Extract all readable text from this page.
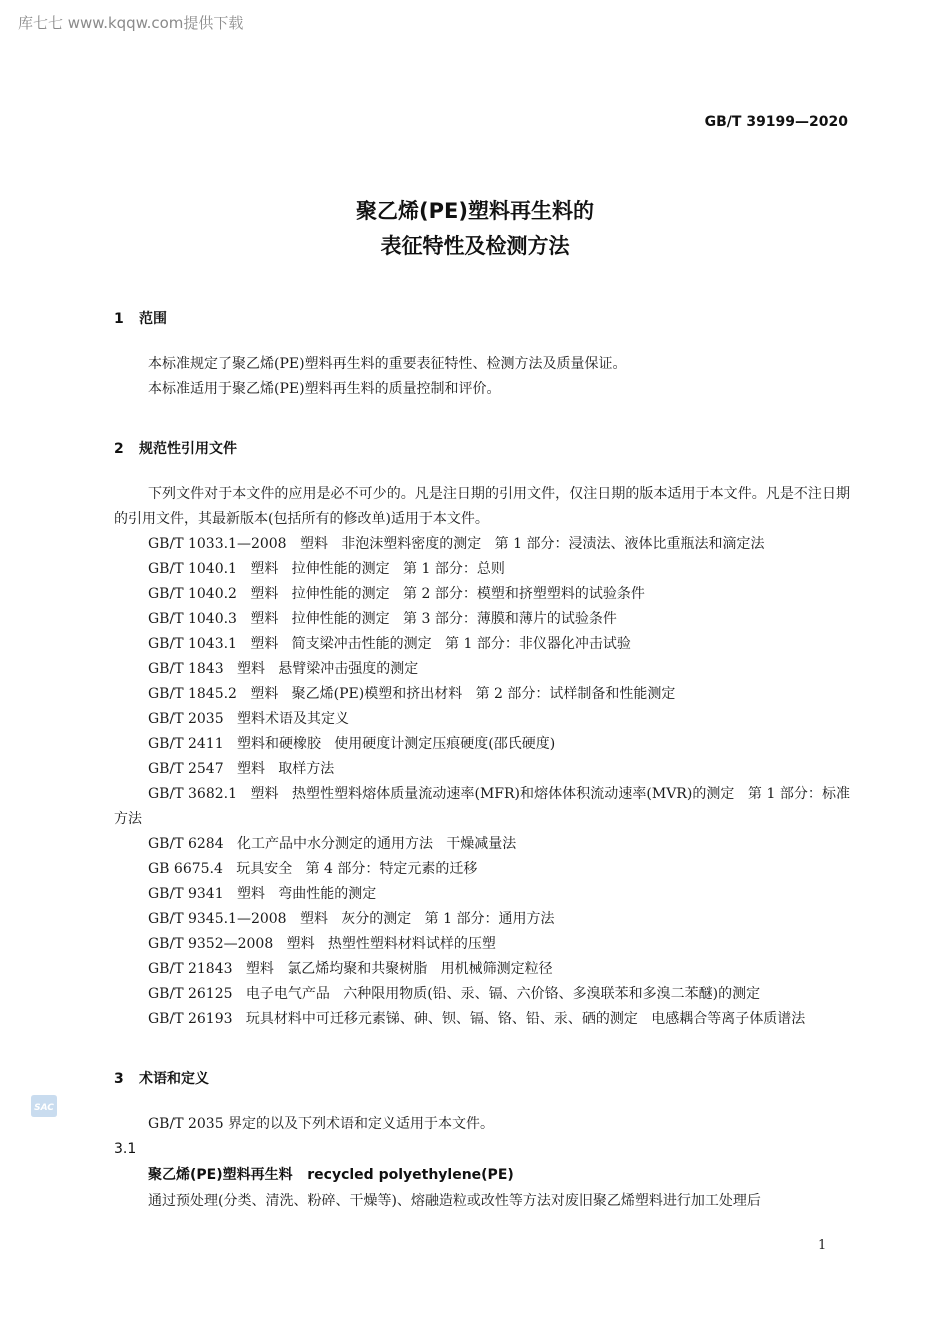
库七七 www.kqqw.com提供下载
GB/T 39199—2020
聚乙烯(PE)塑料再生料的
表征特性及检测方法
1 范围

本标准规定了聚乙烯(PE)塑料再生料的重要表征特性、检测方法及质量保证。

本标准适用于聚乙烯(PE)塑料再生料的质量控制和评价。

2 规范性引用文件

下列文件对于本文件的应用是必不可少的。凡是注日期的引用文件，仅注日期的版本适用于本文件。凡是不注日期的引用文件，其最新版本(包括所有的修改单)适用于本文件。

GB/T 1033.1—2008   塑料   非泡沫塑料密度的测定   第 1 部分：浸渍法、液体比重瓶法和滴定法

GB/T 1040.1   塑料   拉伸性能的测定   第 1 部分：总则

GB/T 1040.2   塑料   拉伸性能的测定   第 2 部分：模塑和挤塑塑料的试验条件

GB/T 1040.3   塑料   拉伸性能的测定   第 3 部分：薄膜和薄片的试验条件

GB/T 1043.1   塑料   简支梁冲击性能的测定   第 1 部分：非仪器化冲击试验

GB/T 1843   塑料   悬臂梁冲击强度的测定

GB/T 1845.2   塑料   聚乙烯(PE)模塑和挤出材料   第 2 部分：试样制备和性能测定

GB/T 2035   塑料术语及其定义

GB/T 2411   塑料和硬橡胶   使用硬度计测定压痕硬度(邵氏硬度)

GB/T 2547   塑料   取样方法

GB/T 3682.1   塑料   热塑性塑料熔体质量流动速率(MFR)和熔体体积流动速率(MVR)的测定   第 1 部分：标准方法

GB/T 6284   化工产品中水分测定的通用方法   干燥减量法

GB 6675.4   玩具安全   第 4 部分：特定元素的迁移

GB/T 9341   塑料   弯曲性能的测定

GB/T 9345.1—2008   塑料   灰分的测定   第 1 部分：通用方法

GB/T 9352—2008   塑料   热塑性塑料材料试样的压塑

GB/T 21843   塑料   氯乙烯均聚和共聚树脂   用机械筛测定粒径

GB/T 26125   电子电气产品   六种限用物质(铅、汞、镉、六价铬、多溴联苯和多溴二苯醚)的测定

GB/T 26193   玩具材料中可迁移元素锑、砷、钡、镉、铬、铅、汞、硒的测定   电感耦合等离子体质谱法

3 术语和定义

GB/T 2035 界定的以及下列术语和定义适用于本文件。

3.1
聚乙烯(PE)塑料再生料 recycled polyethylene(PE)

通过预处理(分类、清洗、粉碎、干燥等)、熔融造粒或改性等方法对废旧聚乙烯塑料进行加工处理后

SAC
1
